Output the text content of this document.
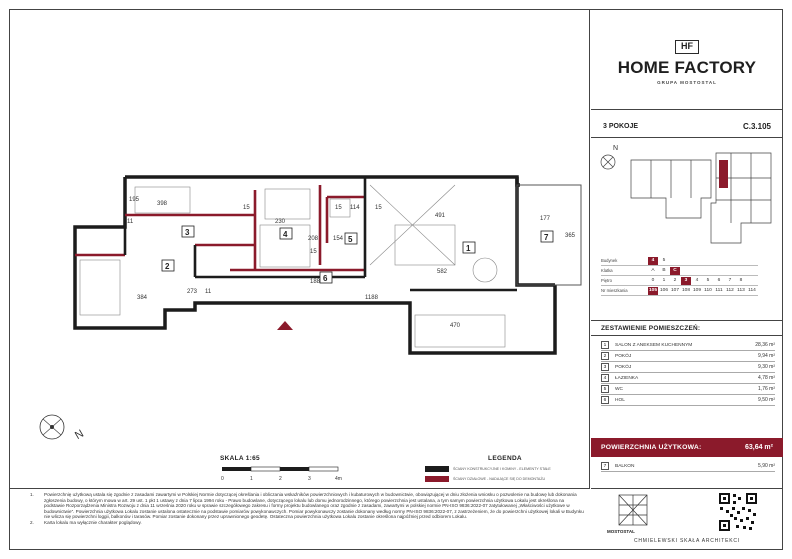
398
195
11	230
15	15 114	15
491	177
365
208 154
15
188
582
273
384
11
1188
470
1
2
3	4
5
6
7
N
SKALA 1:65
0	1	2	3	4m
LEGENDA
ŚCIANY KONSTRUKCYJNE I KOMINY - ELEMENTY STAŁE
ŚCIANY DZIAŁOWE - NADAJĄCE SIĘ DO DEMONTAŻU
1.	Powierzchnię użytkową ustala się zgodnie z zasadami zawartymi w Polskiej Normie dotyczącej określania i obliczania wskaźników powierzchniowych i kubaturowych w budownictwie, obowiązującej w dniu złożenia wniosku o pozwolenie na budowę lub dokonania zgłoszenia budowy, o którym mowa w art. 29 ust. 1 pkt 1 ustawy z dnia 7 lipca 1994 roku - Prawo budowlane, dotyczącego lokalu lub domu jednorodzinnego, którego powierzchnia jest ustalana, a tym samym powierzchnia użytkowa Lokalu jest określona na podstawie Rozporządzenia Ministra Rozwoju z dnia 11 września 2020 roku w sprawie szczegółowego zakresu i formy projektu budowlanego oraz zgodnie z zasadami, zawartymi w polskiej normie PN-ISO 9836:2022-07 zatytułowanej „Właściwości użytkowe w budownictwie”. Powierzchnia użytkowa Lokalu zostanie ustalona ostatecznie na podstawie pomiarów powykonawczych. Pomiar powykonawczy zostanie dokonany według normy PN-ISO 9836:2022-07, z zastrzeżeniem, że do powierzchni użytkowej lokali w Budynku nie wlicza się powierzchni loggii, balkonów i tarasów. Pomiar zostanie dokonany przez uprawnionego geodetę. Ostateczna powierzchnia użytkowa Lokalu zostanie określona najpóźniej przed odbiorem Lokalu.
2.	Karta lokalu ma wyłącznie charakter poglądowy.
HF
HOME FACTORY
GRUPA MOSTOSTAL
3 POKOJE	C.3.105
N
Budynek	4	5
Klatka	A	B	C
Piętro	0	1	2	3	4	5	6	7	8
Nr mieszkania	105 106 107 108 109 110 111 112 113 114
ZESTAWIENIE POMIESZCZEŃ:
1	SALON Z ANEKSEM KUCHENNYM	28,36 m²
2	POKÓJ	9,94 m²
3	POKÓJ	9,30 m²
4	ŁAZIENKA	4,78 m²
5	WC	1,76 m²
6	HOL	9,50 m²
POWIERZCHNIA UŻYTKOWA:	63,64 m²
7	BALKON	5,90 m²
MOSTOSTAL
CHMIELEWSKI SKAŁA ARCHITEKCI
